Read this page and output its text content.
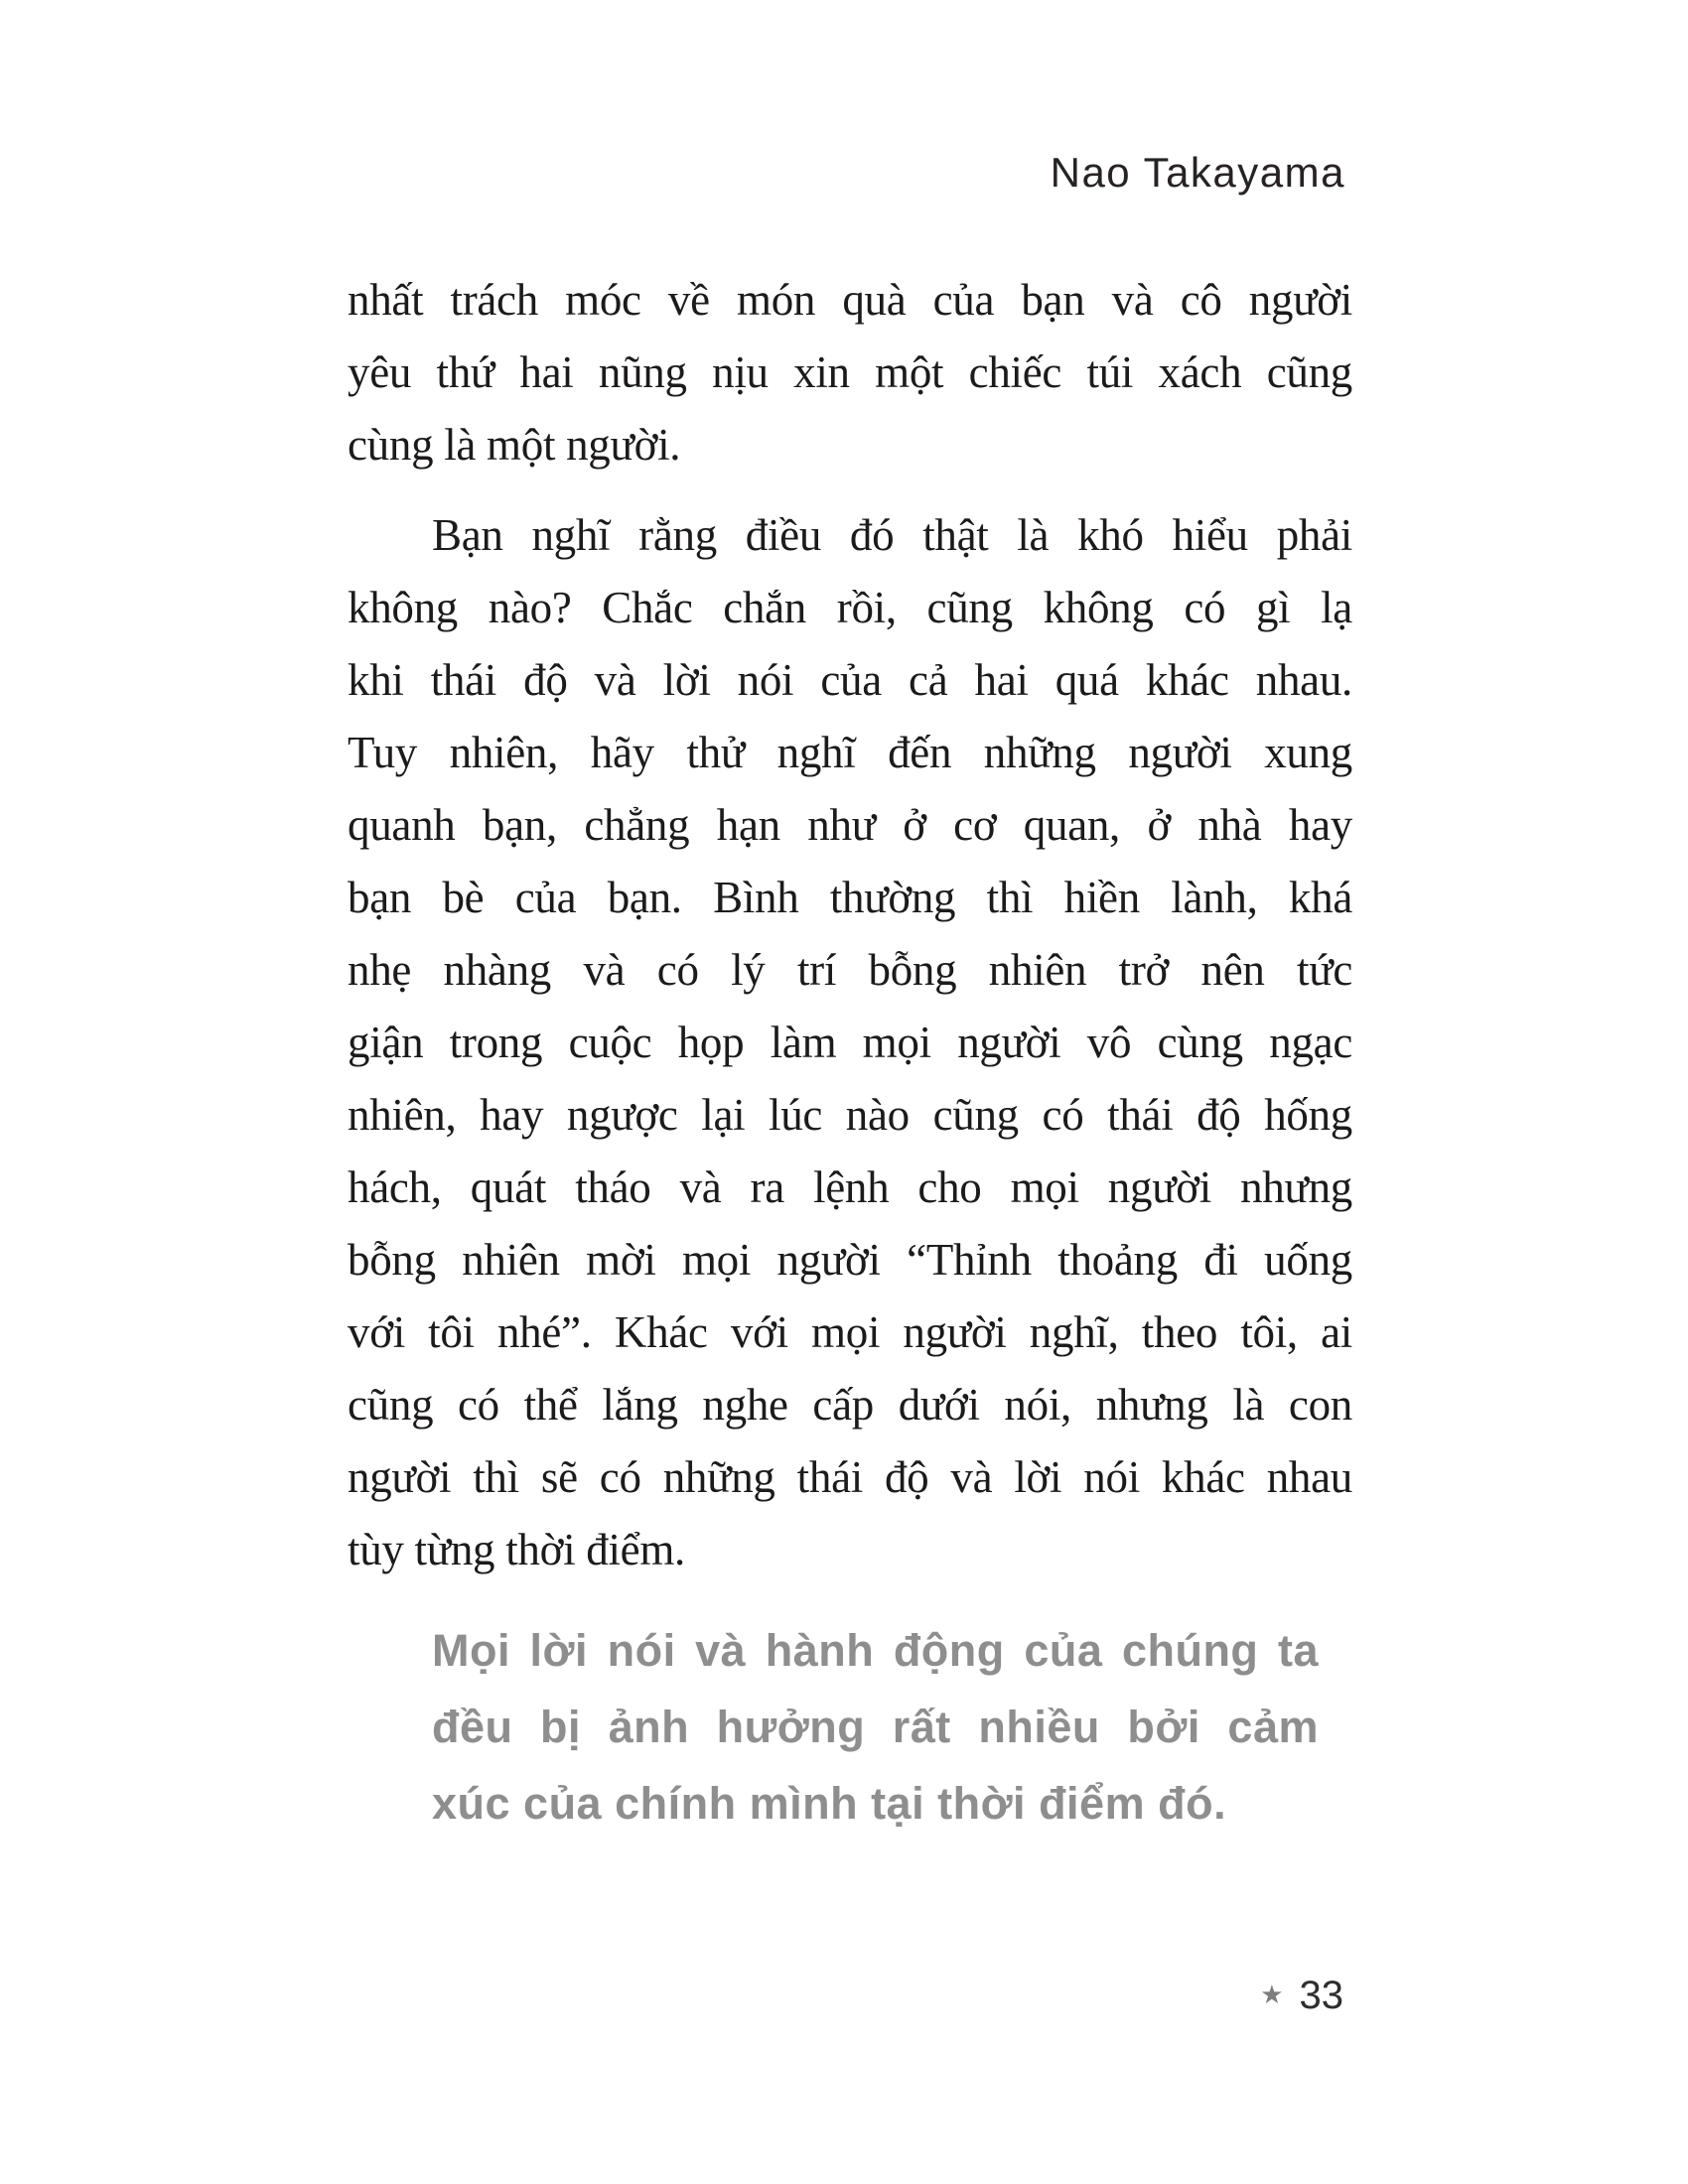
Nao Takayama
nhất trách móc về món quà của bạn và cô người
yêu thứ hai nũng nịu xin một chiếc túi xách cũng
cùng là một người.
Bạn nghĩ rằng điều đó thật là khó hiểu phải
không nào? Chắc chắn rồi, cũng không có gì lạ
khi thái độ và lời nói của cả hai quá khác nhau.
Tuy nhiên, hãy thử nghĩ đến những người xung
quanh bạn, chẳng hạn như ở cơ quan, ở nhà hay
bạn bè của bạn. Bình thường thì hiền lành, khá
nhẹ nhàng và có lý trí bỗng nhiên trở nên tức
giận trong cuộc họp làm mọi người vô cùng ngạc
nhiên, hay ngược lại lúc nào cũng có thái độ hống
hách, quát tháo và ra lệnh cho mọi người nhưng
bỗng nhiên mời mọi người “Thỉnh thoảng đi uống
với tôi nhé”. Khác với mọi người nghĩ, theo tôi, ai
cũng có thể lắng nghe cấp dưới nói, nhưng là con
người thì sẽ có những thái độ và lời nói khác nhau
tùy từng thời điểm.
Mọi lời nói và hành động của chúng ta
đều bị ảnh hưởng rất nhiều bởi cảm
xúc của chính mình tại thời điểm đó.
★ 33
